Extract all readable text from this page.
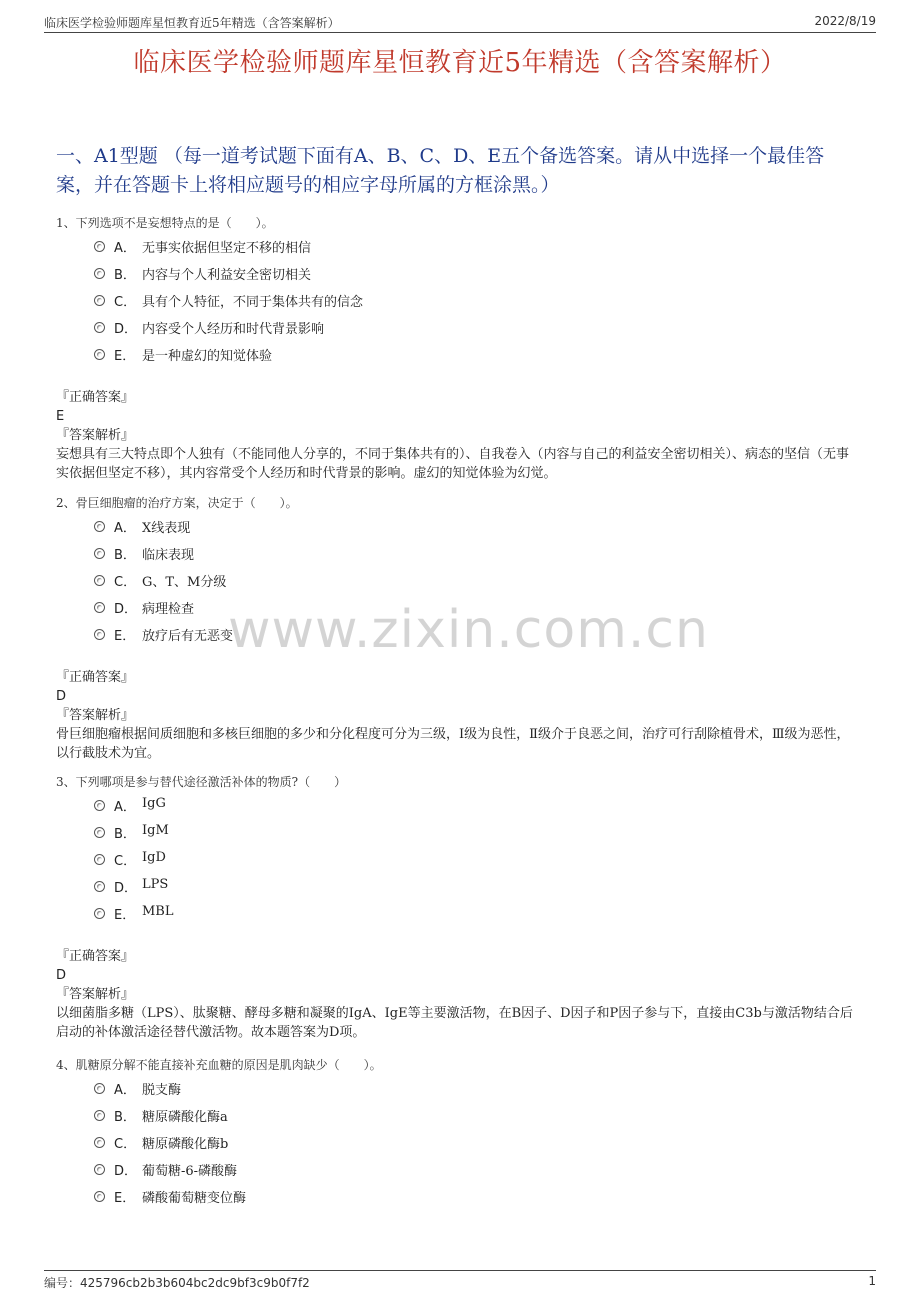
临床医学检验师题库星恒教育近5年精选（含答案解析）	2022/8/19
临床医学检验师题库星恒教育近5年精选（含答案解析）
一、A1型题 （每一道考试题下面有A、B、C、D、E五个备选答案。请从中选择一个最佳答案，并在答题卡上将相应题号的相应字母所属的方框涂黑。）
1、下列选项不是妄想特点的是（　　）。
A． 无事实依据但坚定不移的相信
B． 内容与个人利益安全密切相关
C． 具有个人特征，不同于集体共有的信念
D． 内容受个人经历和时代背景影响
E． 是一种虚幻的知觉体验
『正确答案』
E
『答案解析』
妄想具有三大特点即个人独有（不能同他人分享的，不同于集体共有的）、自我卷入（内容与自己的利益安全密切相关）、病态的坚信（无事实依据但坚定不移），其内容常受个人经历和时代背景的影响。虚幻的知觉体验为幻觉。
2、骨巨细胞瘤的治疗方案，决定于（　　）。
A． X线表现
B． 临床表现
C． G、T、M分级
D． 病理检查
E． 放疗后有无恶变
『正确答案』
D
『答案解析』
骨巨细胞瘤根据间质细胞和多核巨细胞的多少和分化程度可分为三级，Ⅰ级为良性，Ⅱ级介于良恶之间，治疗可行刮除植骨术，Ⅲ级为恶性，以行截肢术为宜。
3、下列哪项是参与替代途径激活补体的物质?（　　）
A． IgG
B． IgM
C． IgD
D． LPS
E． MBL
『正确答案』
D
『答案解析』
以细菌脂多糖（LPS）、肽聚糖、酵母多糖和凝聚的IgA、IgE等主要激活物，在B因子、D因子和P因子参与下，直接由C3b与激活物结合后启动的补体激活途径替代激活物。故本题答案为D项。
4、肌糖原分解不能直接补充血糖的原因是肌肉缺少（　　）。
A． 脱支酶
B． 糖原磷酸化酶a
C． 糖原磷酸化酶b
D． 葡萄糖-6-磷酸酶
E． 磷酸葡萄糖变位酶
www.zixin.com.cn
编号：425796cb2b3b604bc2dc9bf3c9b0f7f2	1
